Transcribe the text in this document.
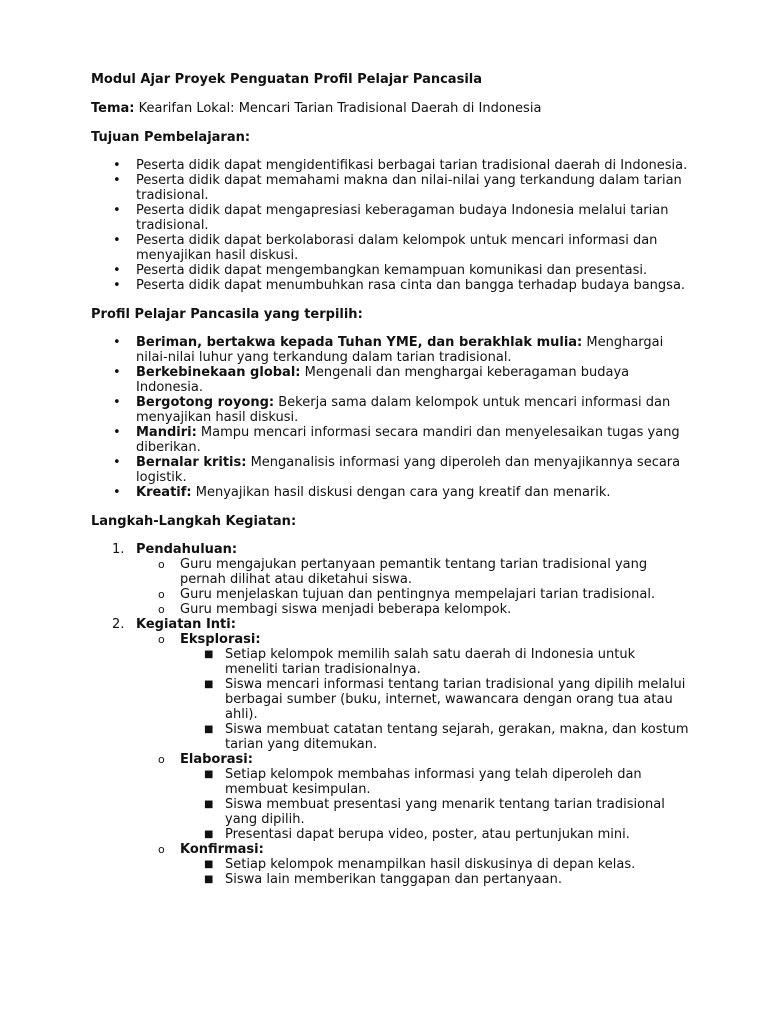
Modul Ajar Proyek Penguatan Profil Pelajar Pancasila

Tema: Kearifan Lokal: Mencari Tarian Tradisional Daerah di Indonesia

Tujuan Pembelajaran:

• Peserta didik dapat mengidentifikasi berbagai tarian tradisional daerah di Indonesia.
• Peserta didik dapat memahami makna dan nilai-nilai yang terkandung dalam tarian tradisional.
• Peserta didik dapat mengapresiasi keberagaman budaya Indonesia melalui tarian tradisional.
• Peserta didik dapat berkolaborasi dalam kelompok untuk mencari informasi dan menyajikan hasil diskusi.
• Peserta didik dapat mengembangkan kemampuan komunikasi dan presentasi.
• Peserta didik dapat menumbuhkan rasa cinta dan bangga terhadap budaya bangsa.

Profil Pelajar Pancasila yang terpilih:

• Beriman, bertakwa kepada Tuhan YME, dan berakhlak mulia: Menghargai nilai-nilai luhur yang terkandung dalam tarian tradisional.
• Berkebinekaan global: Mengenali dan menghargai keberagaman budaya Indonesia.
• Bergotong royong: Bekerja sama dalam kelompok untuk mencari informasi dan menyajikan hasil diskusi.
• Mandiri: Mampu mencari informasi secara mandiri dan menyelesaikan tugas yang diberikan.
• Bernalar kritis: Menganalisis informasi yang diperoleh dan menyajikannya secara logistik.
• Kreatif: Menyajikan hasil diskusi dengan cara yang kreatif dan menarik.

Langkah-Langkah Kegiatan:

1. Pendahuluan:
o Guru mengajukan pertanyaan pemantik tentang tarian tradisional yang pernah dilihat atau diketahui siswa.
o Guru menjelaskan tujuan dan pentingnya mempelajari tarian tradisional.
o Guru membagi siswa menjadi beberapa kelompok.
2. Kegiatan Inti:
o Eksplorasi:
■ Setiap kelompok memilih salah satu daerah di Indonesia untuk meneliti tarian tradisionalnya.
■ Siswa mencari informasi tentang tarian tradisional yang dipilih melalui berbagai sumber (buku, internet, wawancara dengan orang tua atau ahli).
■ Siswa membuat catatan tentang sejarah, gerakan, makna, dan kostum tarian yang ditemukan.
o Elaborasi:
■ Setiap kelompok membahas informasi yang telah diperoleh dan membuat kesimpulan.
■ Siswa membuat presentasi yang menarik tentang tarian tradisional yang dipilih.
■ Presentasi dapat berupa video, poster, atau pertunjukan mini.
o Konfirmasi:
■ Setiap kelompok menampilkan hasil diskusinya di depan kelas.
■ Siswa lain memberikan tanggapan dan pertanyaan.
